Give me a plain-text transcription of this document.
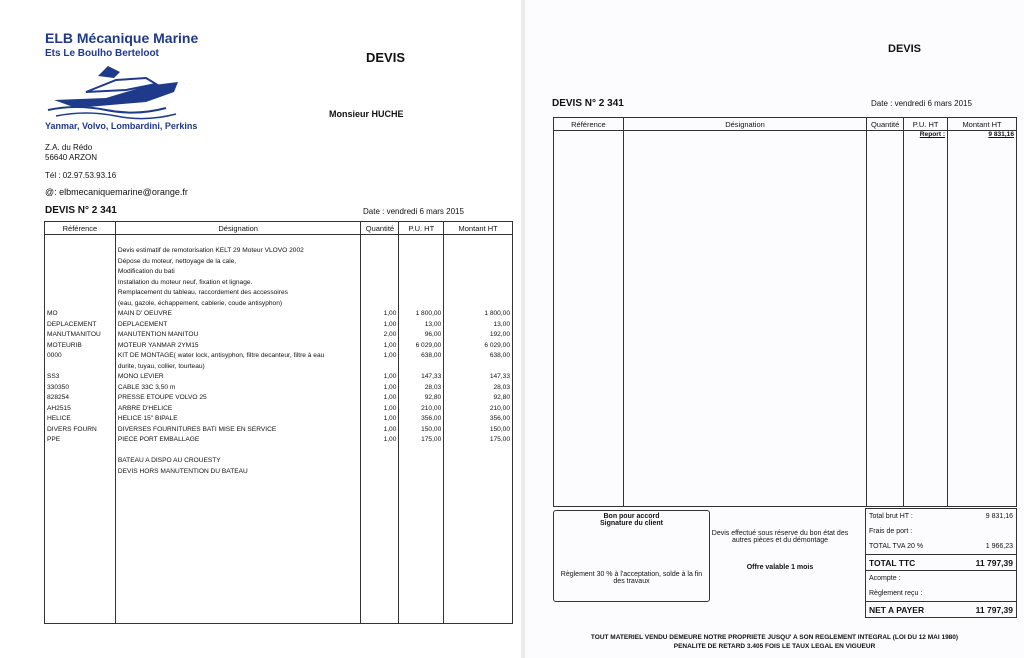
ELB Mécanique Marine
Ets Le Boulho Berteloot
Yanmar, Volvo, Lombardini, Perkins
Z.A. du Rédo
56640 ARZON
Tél : 02.97.53.93.16
@: elbmecaniquemarine@orange.fr
DEVIS
Monsieur HUCHE
DEVIS N° 2 341	Date : vendredi 6 mars 2015
Référence	Désignation	Quantité	P.U. HT	Montant HT

	Devis estimatif de remotorisation KELT 29 Moteur VLOVO 2002			
	Dépose du moteur, nettoyage de la cale,			
	Modification du bati			
	Installation du moteur neuf, fixation et lignage.			
	Remplacement du tableau, raccordement des accessoires			
	(eau, gazole, échappement, cablerie, coude antisyphon)			
MO	MAIN D' OEUVRE	1,00	1 800,00	1 800,00
DEPLACEMENT	DEPLACEMENT	1,00	13,00	13,00
MANUTMANITOU	MANUTENTION MANITOU	2,00	96,00	192,00
MOTEURIB	MOTEUR YANMAR 2YM15	1,00	6 029,00	6 029,00
0000	KIT DE MONTAGE( water lock, antisyphon, filtre decanteur, filtre à eau	1,00	638,00	638,00
	durite, tuyau, collier, tourteau)			
SS3	MONO LEVIER	1,00	147,33	147,33
330350	CABLE 33C 3,50 m	1,00	28,03	28,03
828254	PRESSE ETOUPE VOLVO 25	1,00	92,80	92,80
AH2515	ARBRE D'HELICE	1,00	210,00	210,00
HELICE	HELICE 15" BIPALE	1,00	356,00	356,00
DIVERS FOURN	DIVERSES FOURNITURES BATI MISE EN SERVICE	1,00	150,00	150,00
PPE	PIECE PORT EMBALLAGE	1,00	175,00	175,00

	BATEAU A DISPO AU CROUESTY			
	DEVIS HORS MANUTENTION DU BATEAU			

DEVIS
DEVIS N° 2 341	Date : vendredi 6 mars 2015
Référence	Désignation	Quantité	P.U. HT	Montant HT
			Report :	9 831,16

Bon pour accord
Signature du client
Règlement 30 % à l'acceptation, solde à la fin des travaux
Devis effectué sous réserve du bon état des autres pièces et du démontage
Offre valable 1 mois
Total brut HT :	9 831,16
Frais de port :	
TOTAL TVA 20 %	1 966,23
TOTAL TTC	11 797,39
Acompte :	
Règlement reçu :	
NET A PAYER	11 797,39
TOUT MATERIEL VENDU DEMEURE NOTRE PROPRIETE JUSQU' A SON REGLEMENT INTEGRAL (LOI DU 12 MAI 1980)
PENALITE DE RETARD 3.405 FOIS LE TAUX LEGAL EN VIGUEUR
